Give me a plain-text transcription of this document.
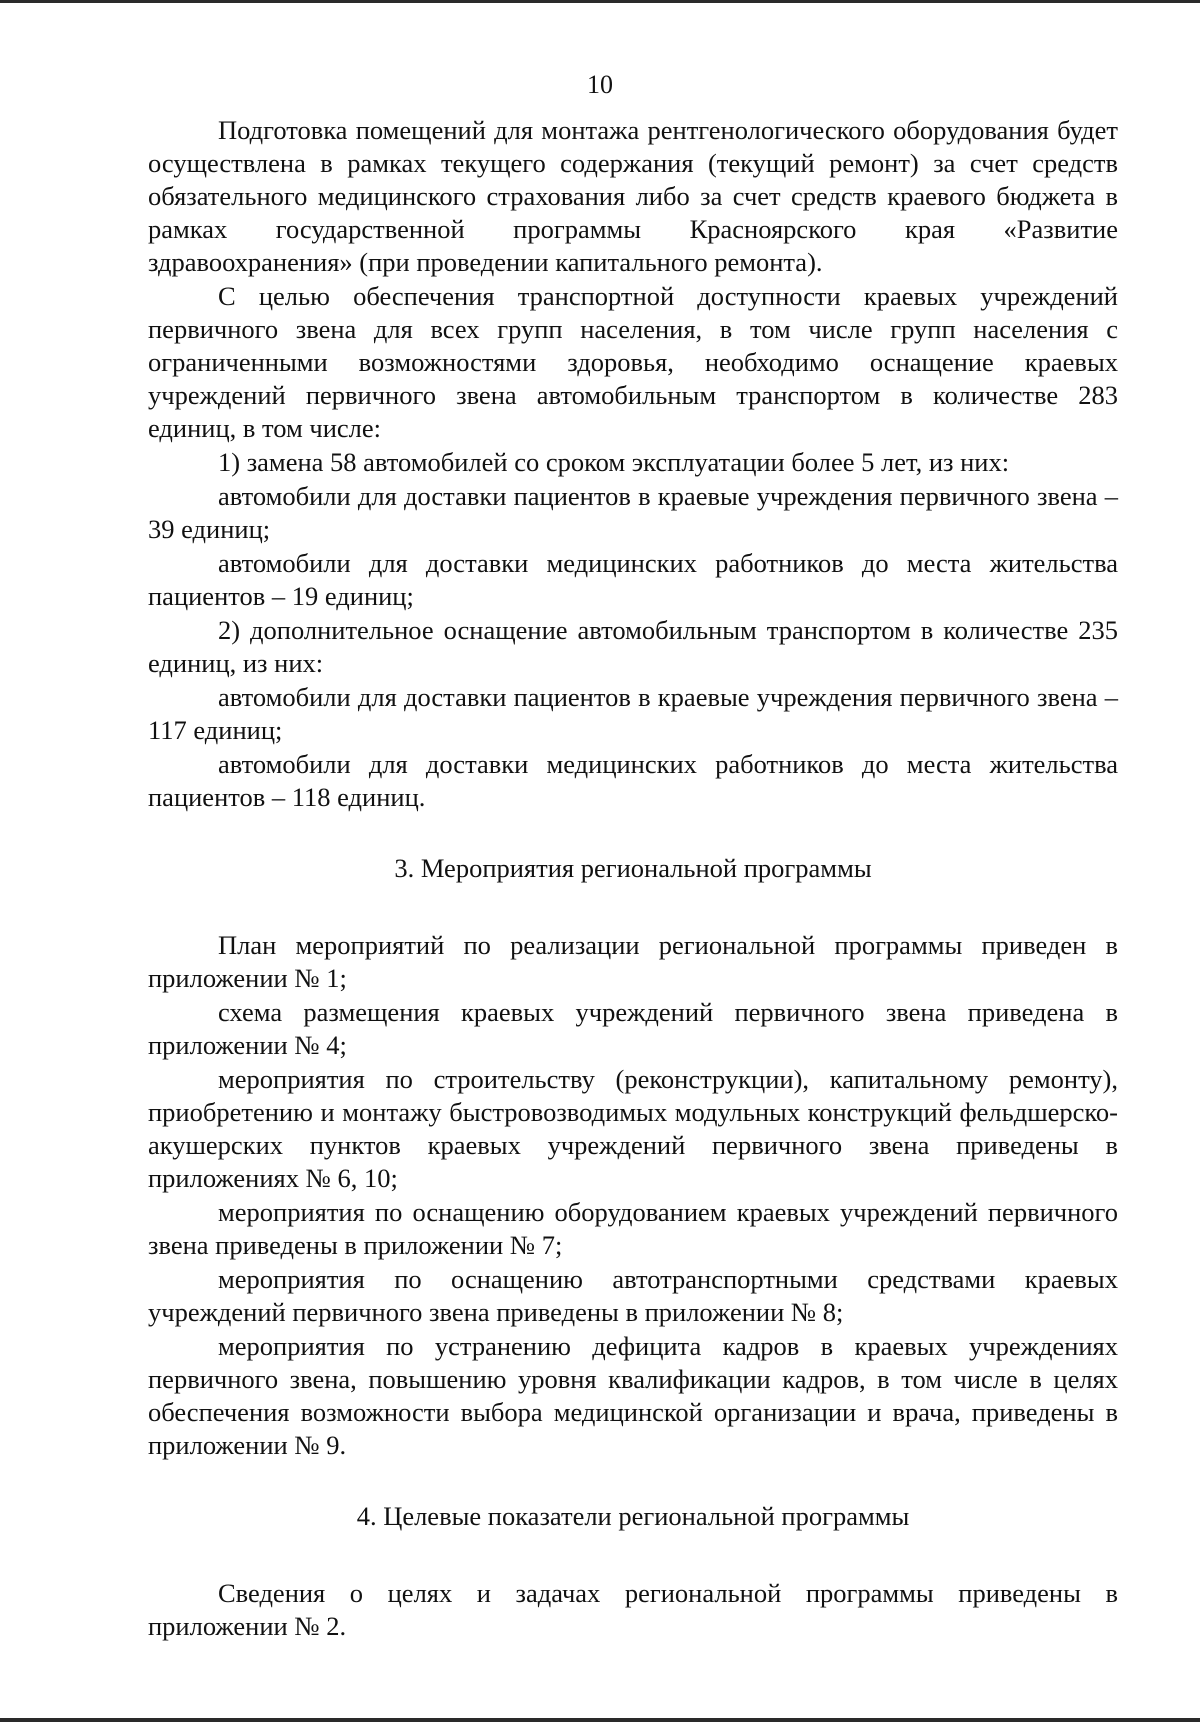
10

Подготовка помещений для монтажа рентгенологического оборудования будет осуществлена в рамках текущего содержания (текущий ремонт) за счет средств обязательного медицинского страхования либо за счет средств краевого бюджета в рамках государственной программы Красноярского края «Развитие здравоохранения» (при проведении капитального ремонта).

С целью обеспечения транспортной доступности краевых учреждений первичного звена для всех групп населения, в том числе групп населения с ограниченными возможностями здоровья, необходимо оснащение краевых учреждений первичного звена автомобильным транспортом в количестве 283 единиц, в том числе:

1) замена 58 автомобилей со сроком эксплуатации более 5 лет, из них:

автомобили для доставки пациентов в краевые учреждения первичного звена – 39 единиц;

автомобили для доставки медицинских работников до места жительства пациентов – 19 единиц;

2) дополнительное оснащение автомобильным транспортом в количестве 235 единиц, из них:

автомобили для доставки пациентов в краевые учреждения первичного звена – 117 единиц;

автомобили для доставки медицинских работников до места жительства пациентов – 118 единиц.

3. Мероприятия региональной программы

План мероприятий по реализации региональной программы приведен в приложении № 1;

схема размещения краевых учреждений первичного звена приведена в приложении № 4;

мероприятия по строительству (реконструкции), капитальному ремонту), приобретению и монтажу быстровозводимых модульных конструкций фельдшерско-акушерских пунктов краевых учреждений первичного звена приведены в приложениях № 6, 10;

мероприятия по оснащению оборудованием краевых учреждений первичного звена приведены в приложении № 7;

мероприятия по оснащению автотранспортными средствами краевых учреждений первичного звена приведены в приложении № 8;

мероприятия по устранению дефицита кадров в краевых учреждениях первичного звена, повышению уровня квалификации кадров, в том числе в целях обеспечения возможности выбора медицинской организации и врача, приведены в приложении № 9.

4. Целевые показатели региональной программы

Сведения о целях и задачах региональной программы приведены в приложении № 2.
